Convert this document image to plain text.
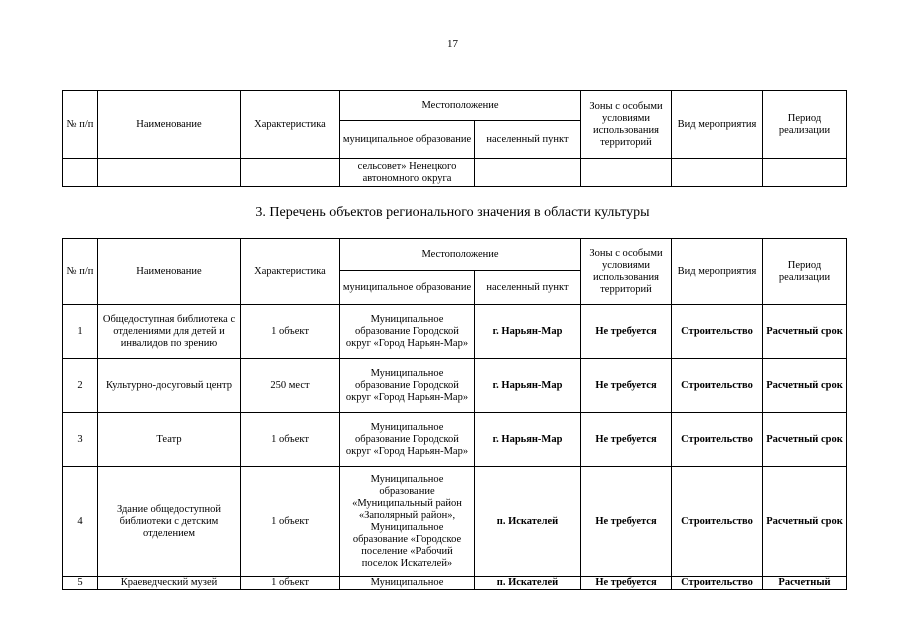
17
№ п/п	Наименование	Характеристика	Местоположение		Зоны с особыми условиями использования территорий	Вид мероприятия	Период реализации
			муниципальное образование	населенный пункт			
			сельсовет» Ненецкого автономного округа				
3. Перечень объектов регионального значения в области культуры
№ п/п	Наименование	Характеристика	Местоположение		Зоны с особыми условиями использования территорий	Вид мероприятия	Период реализации
			муниципальное образование	населенный пункт			
1	Общедоступная библиотека с отделениями для детей и инвалидов по зрению	1 объект	Муниципальное образование Городской округ «Город Нарьян-Мар»	г. Нарьян-Мар	Не требуется	Строительство	Расчетный срок
2	Культурно-досуговый центр	250 мест	Муниципальное образование Городской округ «Город Нарьян-Мар»	г. Нарьян-Мар	Не требуется	Строительство	Расчетный срок
3	Театр	1 объект	Муниципальное образование Городской округ «Город Нарьян-Мар»	г. Нарьян-Мар	Не требуется	Строительство	Расчетный срок
4	Здание общедоступной библиотеки с детским отделением	1 объект	Муниципальное образование «Муниципальный район «Заполярный район», Муниципальное образование «Городское поселение «Рабочий поселок Искателей»	п. Искателей	Не требуется	Строительство	Расчетный срок
5	Краеведческий музей	1 объект	Муниципальное	п. Искателей	Не требуется	Строительство	Расчетный
